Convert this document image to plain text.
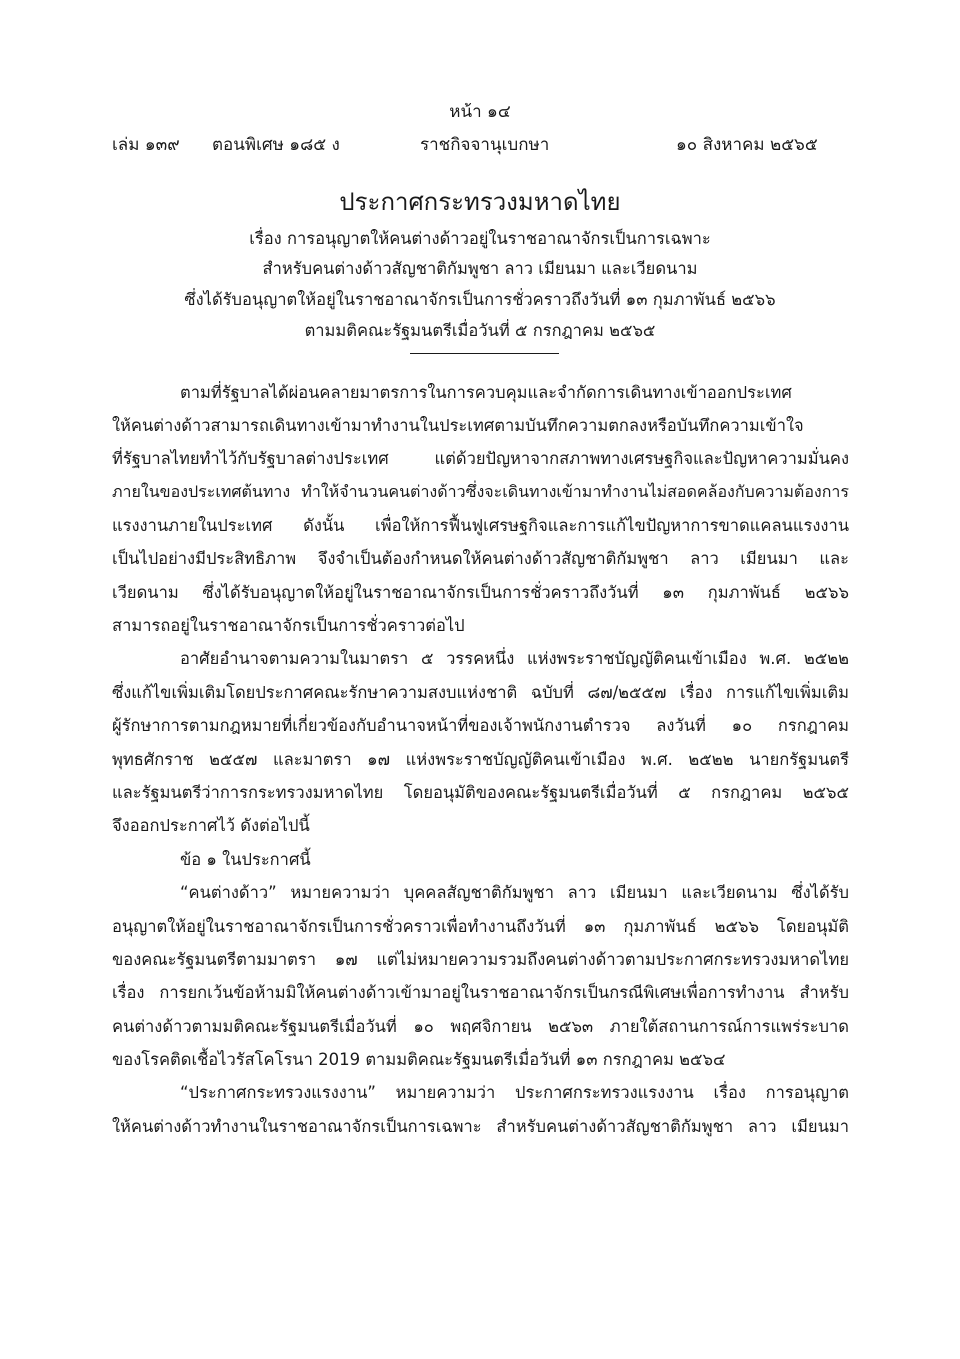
หน้า ๑๔
เล่ม ๑๓๙ ตอนพิเศษ ๑๘๕ ง	ราชกิจจานุเบกษา	๑๐ สิงหาคม ๒๕๖๕
ประกาศกระทรวงมหาดไทย
เรื่อง การอนุญาตให้คนต่างด้าวอยู่ในราชอาณาจักรเป็นการเฉพาะ
สำหรับคนต่างด้าวสัญชาติกัมพูชา ลาว เมียนมา และเวียดนาม
ซึ่งได้รับอนุญาตให้อยู่ในราชอาณาจักรเป็นการชั่วคราวถึงวันที่ ๑๓ กุมภาพันธ์ ๒๕๖๖
ตามมติคณะรัฐมนตรีเมื่อวันที่ ๕ กรกฎาคม ๒๕๖๕
ตามที่รัฐบาลได้ผ่อนคลายมาตรการในการควบคุมและจำกัดการเดินทางเข้าออกประเทศ
ให้คนต่างด้าวสามารถเดินทางเข้ามาทำงานในประเทศตามบันทึกความตกลงหรือบันทึกความเข้าใจ
ที่รัฐบาลไทยทำไว้กับรัฐบาลต่างประเทศ แต่ด้วยปัญหาจากสภาพทางเศรษฐกิจและปัญหาความมั่นคง
ภายในของประเทศต้นทาง ทำให้จำนวนคนต่างด้าวซึ่งจะเดินทางเข้ามาทำงานไม่สอดคล้องกับความต้องการ
แรงงานภายในประเทศ ดังนั้น เพื่อให้การฟื้นฟูเศรษฐกิจและการแก้ไขปัญหาการขาดแคลนแรงงาน
เป็นไปอย่างมีประสิทธิภาพ จึงจำเป็นต้องกำหนดให้คนต่างด้าวสัญชาติกัมพูชา ลาว เมียนมา และ
เวียดนาม ซึ่งได้รับอนุญาตให้อยู่ในราชอาณาจักรเป็นการชั่วคราวถึงวันที่ ๑๓ กุมภาพันธ์ ๒๕๖๖
สามารถอยู่ในราชอาณาจักรเป็นการชั่วคราวต่อไป
อาศัยอำนาจตามความในมาตรา ๕ วรรคหนึ่ง แห่งพระราชบัญญัติคนเข้าเมือง พ.ศ. ๒๕๒๒
ซึ่งแก้ไขเพิ่มเติมโดยประกาศคณะรักษาความสงบแห่งชาติ ฉบับที่ ๘๗/๒๕๕๗ เรื่อง การแก้ไขเพิ่มเติม
ผู้รักษาการตามกฎหมายที่เกี่ยวข้องกับอำนาจหน้าที่ของเจ้าพนักงานตำรวจ ลงวันที่ ๑๐ กรกฎาคม
พุทธศักราช ๒๕๕๗ และมาตรา ๑๗ แห่งพระราชบัญญัติคนเข้าเมือง พ.ศ. ๒๕๒๒ นายกรัฐมนตรี
และรัฐมนตรีว่าการกระทรวงมหาดไทย โดยอนุมัติของคณะรัฐมนตรีเมื่อวันที่ ๕ กรกฎาคม ๒๕๖๕
จึงออกประกาศไว้ ดังต่อไปนี้
ข้อ ๑ ในประกาศนี้
“คนต่างด้าว” หมายความว่า บุคคลสัญชาติกัมพูชา ลาว เมียนมา และเวียดนาม ซึ่งได้รับ
อนุญาตให้อยู่ในราชอาณาจักรเป็นการชั่วคราวเพื่อทำงานถึงวันที่ ๑๓ กุมภาพันธ์ ๒๕๖๖ โดยอนุมัติ
ของคณะรัฐมนตรีตามมาตรา ๑๗ แต่ไม่หมายความรวมถึงคนต่างด้าวตามประกาศกระทรวงมหาดไทย
เรื่อง การยกเว้นข้อห้ามมิให้คนต่างด้าวเข้ามาอยู่ในราชอาณาจักรเป็นกรณีพิเศษเพื่อการทำงาน สำหรับ
คนต่างด้าวตามมติคณะรัฐมนตรีเมื่อวันที่ ๑๐ พฤศจิกายน ๒๕๖๓ ภายใต้สถานการณ์การแพร่ระบาด
ของโรคติดเชื้อไวรัสโคโรนา 2019 ตามมติคณะรัฐมนตรีเมื่อวันที่ ๑๓ กรกฎาคม ๒๕๖๔
“ประกาศกระทรวงแรงงาน” หมายความว่า ประกาศกระทรวงแรงงาน เรื่อง การอนุญาต
ให้คนต่างด้าวทำงานในราชอาณาจักรเป็นการเฉพาะ สำหรับคนต่างด้าวสัญชาติกัมพูชา ลาว เมียนมา
